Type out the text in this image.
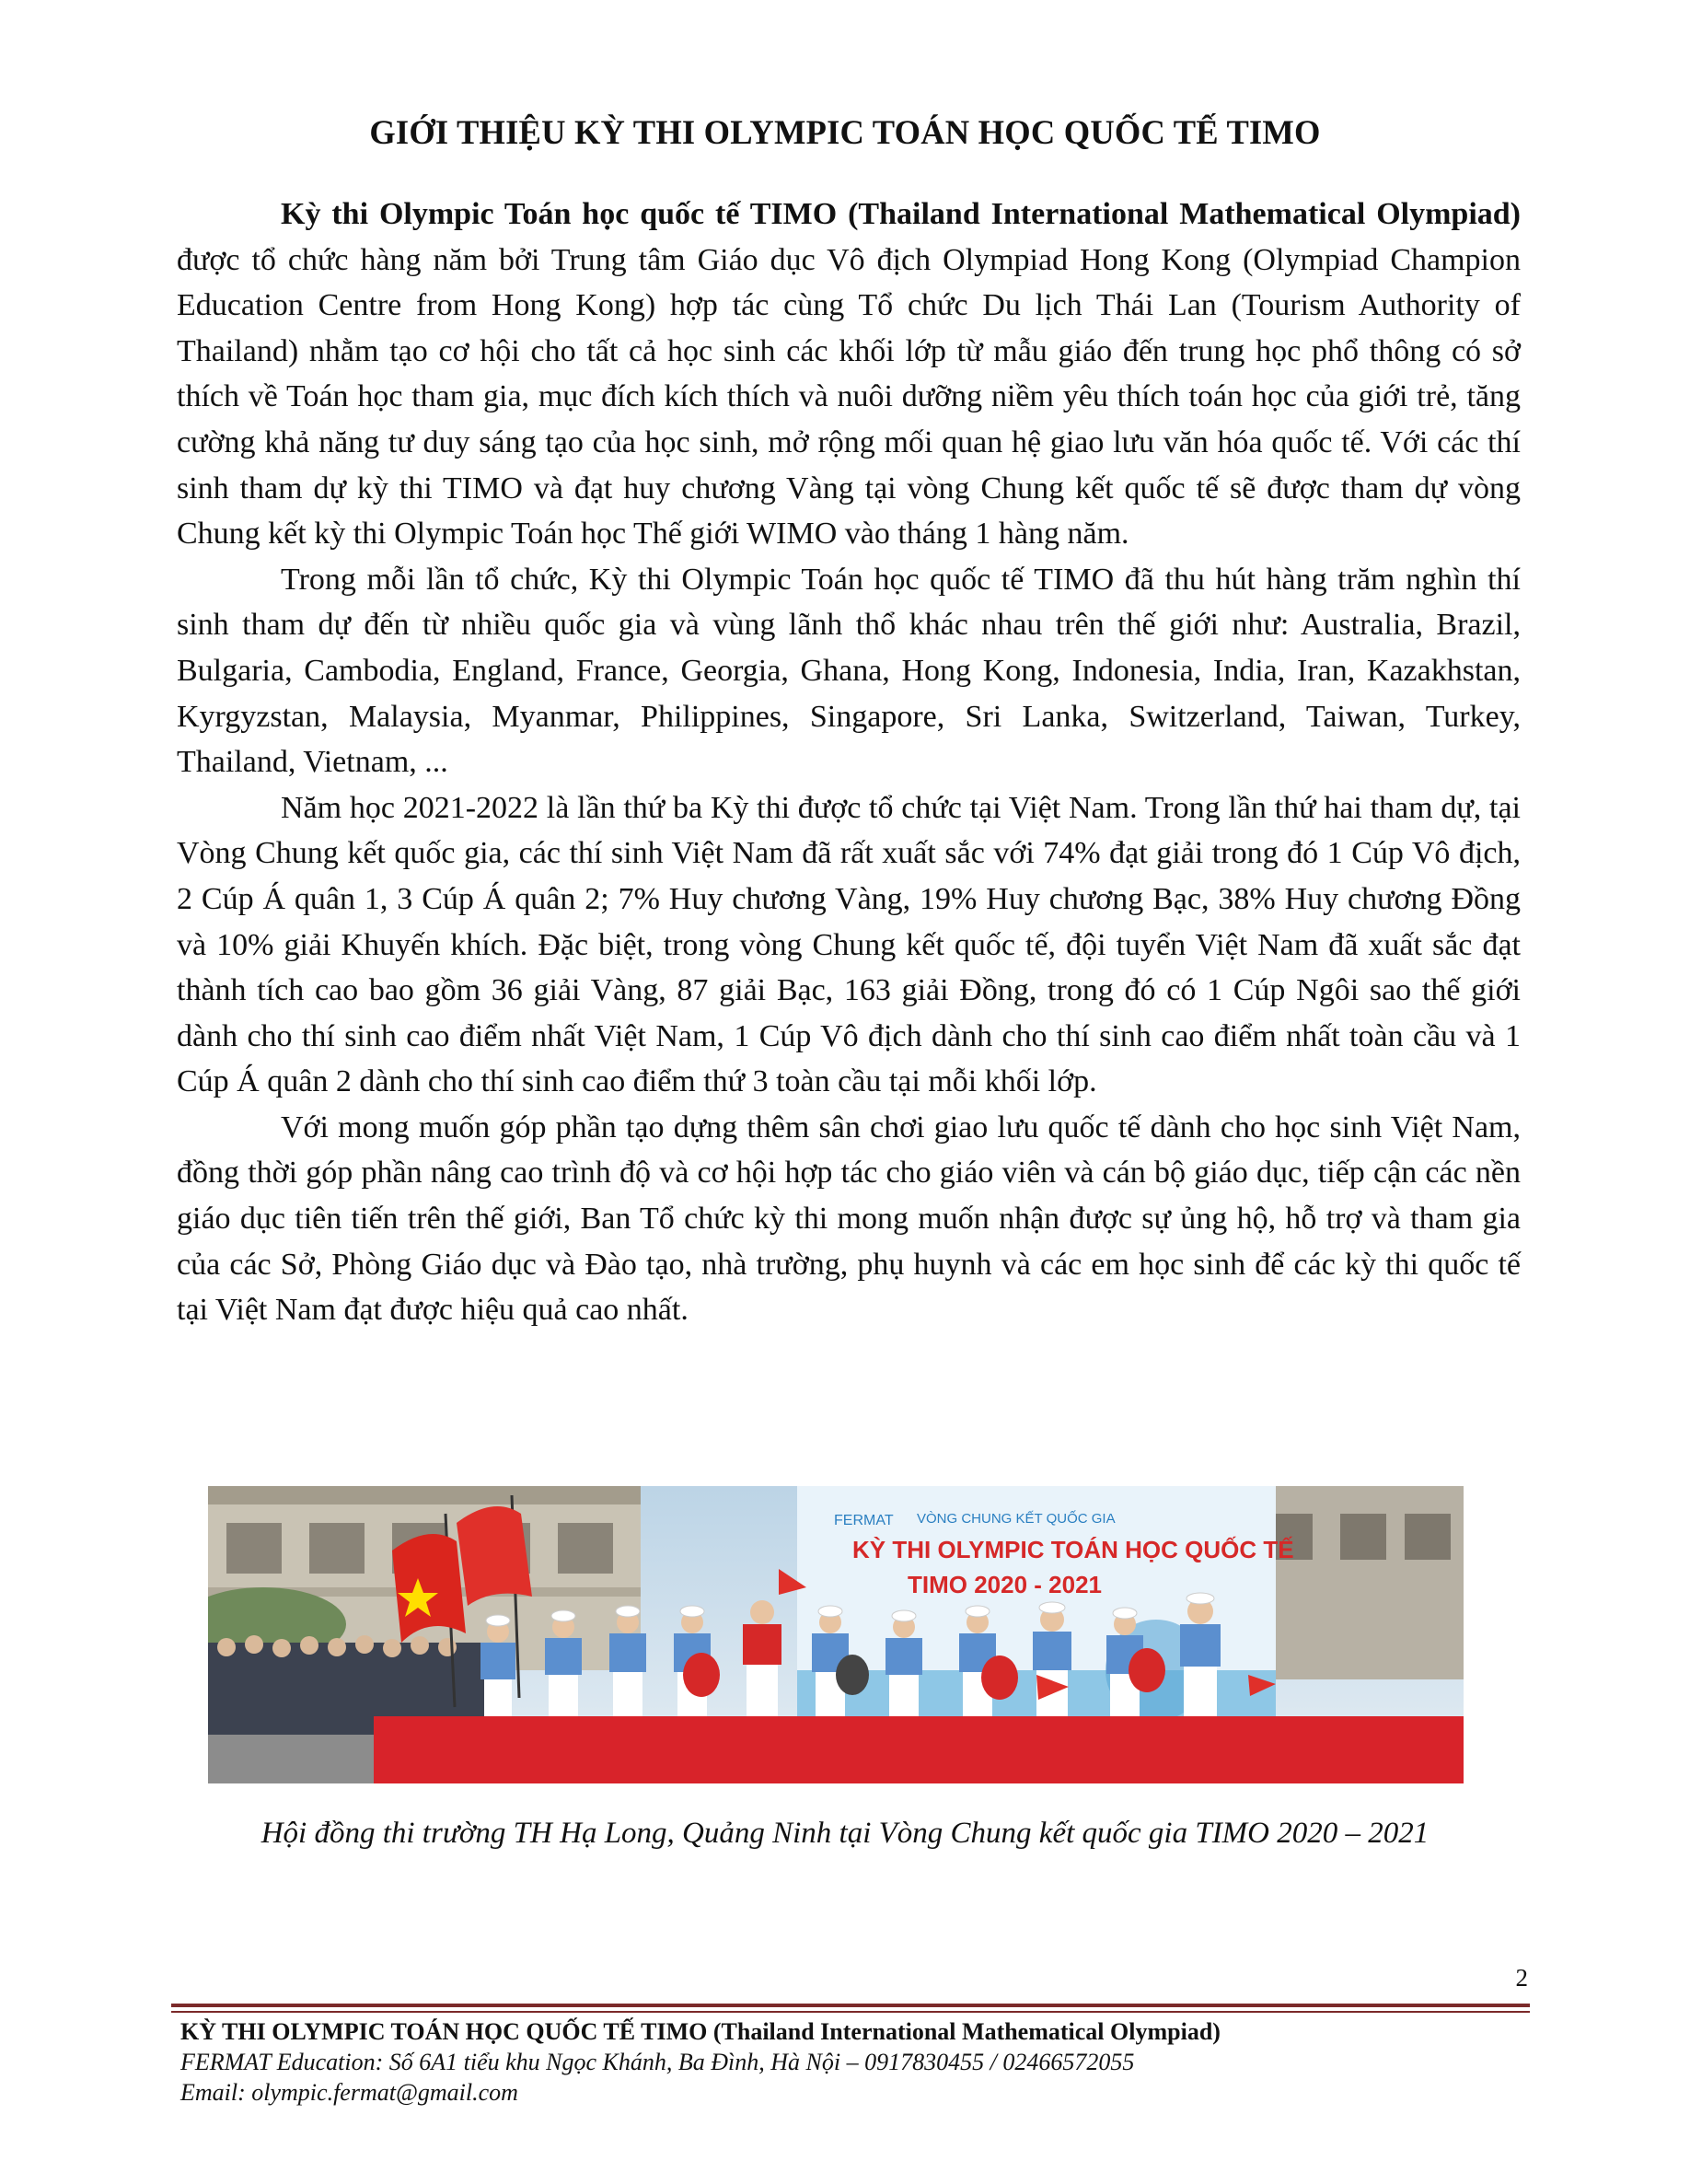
GIỚI THIỆU KỲ THI OLYMPIC TOÁN HỌC QUỐC TẾ TIMO

Kỳ thi Olympic Toán học quốc tế TIMO (Thailand International Mathematical Olympiad) được tổ chức hàng năm bởi Trung tâm Giáo dục Vô địch Olympiad Hong Kong (Olympiad Champion Education Centre from Hong Kong) hợp tác cùng Tổ chức Du lịch Thái Lan (Tourism Authority of Thailand) nhằm tạo cơ hội cho tất cả học sinh các khối lớp từ mẫu giáo đến trung học phổ thông có sở thích về Toán học tham gia, mục đích kích thích và nuôi dưỡng niềm yêu thích toán học của giới trẻ, tăng cường khả năng tư duy sáng tạo của học sinh, mở rộng mối quan hệ giao lưu văn hóa quốc tế. Với các thí sinh tham dự kỳ thi TIMO và đạt huy chương Vàng tại vòng Chung kết quốc tế sẽ được tham dự vòng Chung kết kỳ thi Olympic Toán học Thế giới WIMO vào tháng 1 hàng năm.

Trong mỗi lần tổ chức, Kỳ thi Olympic Toán học quốc tế TIMO đã thu hút hàng trăm nghìn thí sinh tham dự đến từ nhiều quốc gia và vùng lãnh thổ khác nhau trên thế giới như: Australia, Brazil, Bulgaria, Cambodia, England, France, Georgia, Ghana, Hong Kong, Indonesia, India, Iran, Kazakhstan, Kyrgyzstan, Malaysia, Myanmar, Philippines, Singapore, Sri Lanka, Switzerland, Taiwan, Turkey, Thailand, Vietnam, ...

Năm học 2021-2022 là lần thứ ba Kỳ thi được tổ chức tại Việt Nam. Trong lần thứ hai tham dự, tại Vòng Chung kết quốc gia, các thí sinh Việt Nam đã rất xuất sắc với 74% đạt giải trong đó 1 Cúp Vô địch, 2 Cúp Á quân 1, 3 Cúp Á quân 2; 7% Huy chương Vàng, 19% Huy chương Bạc, 38% Huy chương Đồng và 10% giải Khuyến khích. Đặc biệt, trong vòng Chung kết quốc tế, đội tuyển Việt Nam đã xuất sắc đạt thành tích cao bao gồm 36 giải Vàng, 87 giải Bạc, 163 giải Đồng, trong đó có 1 Cúp Ngôi sao thế giới dành cho thí sinh cao điểm nhất Việt Nam, 1 Cúp Vô địch dành cho thí sinh cao điểm nhất toàn cầu và 1 Cúp Á quân 2 dành cho thí sinh cao điểm thứ 3 toàn cầu tại mỗi khối lớp.

Với mong muốn góp phần tạo dựng thêm sân chơi giao lưu quốc tế dành cho học sinh Việt Nam, đồng thời góp phần nâng cao trình độ và cơ hội hợp tác cho giáo viên và cán bộ giáo dục, tiếp cận các nền giáo dục tiên tiến trên thế giới, Ban Tổ chức kỳ thi mong muốn nhận được sự ủng hộ, hỗ trợ và tham gia của các Sở, Phòng Giáo dục và Đào tạo, nhà trường, phụ huynh và các em học sinh để các kỳ thi quốc tế tại Việt Nam đạt được hiệu quả cao nhất.

FERMAT VÒNG CHUNG KẾT QUỐC GIA
KỲ THI OLYMPIC TOÁN HỌC QUỐC TẾ
TIMO 2020 - 2021
Hội đồng thi trường TH Hạ Long, Quảng Ninh tại Vòng Chung kết quốc gia TIMO 2020 – 2021
2
KỲ THI OLYMPIC TOÁN HỌC QUỐC TẾ TIMO (Thailand International Mathematical Olympiad)
FERMAT Education: Số 6A1 tiểu khu Ngọc Khánh, Ba Đình, Hà Nội – 0917830455 / 02466572055
Email: olympic.fermat@gmail.com
